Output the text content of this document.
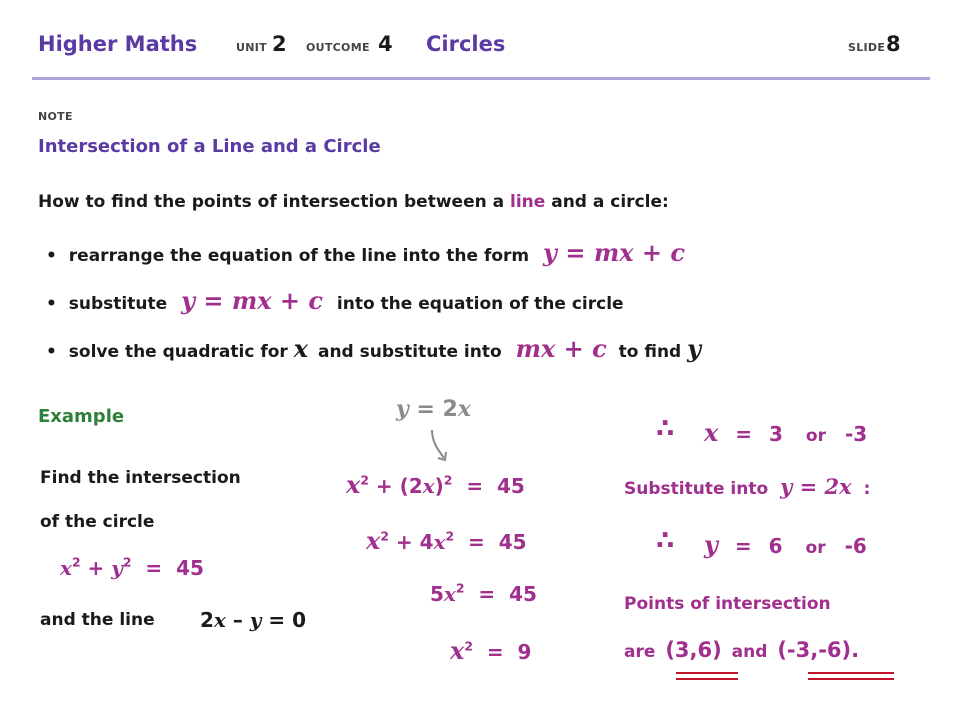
Higher Maths	UNIT 2 OUTCOME 4 Circles	SLIDE 8
NOTE
Intersection of a Line and a Circle
How to find the points of intersection between a line and a circle:
• rearrange the equation of the line into the form y = mx + c
• substitute y = mx + c into the equation of the circle
• solve the quadratic for x and substitute into mx + c to find y
Example
Find the intersection
of the circle
$x^2 + y^2 = 45$
and the line 2x – y = 0
y = 2x
$x^2 + (2x)^2 = 45$
$x^2 + 4x^2 = 45$
$5x^2 = 45$
$x^2 = 9$
∴ x = 3 or -3
Substitute into y = 2x :
∴ y = 6 or -6
Points of intersection
are (3,6) and (-3,-6).
